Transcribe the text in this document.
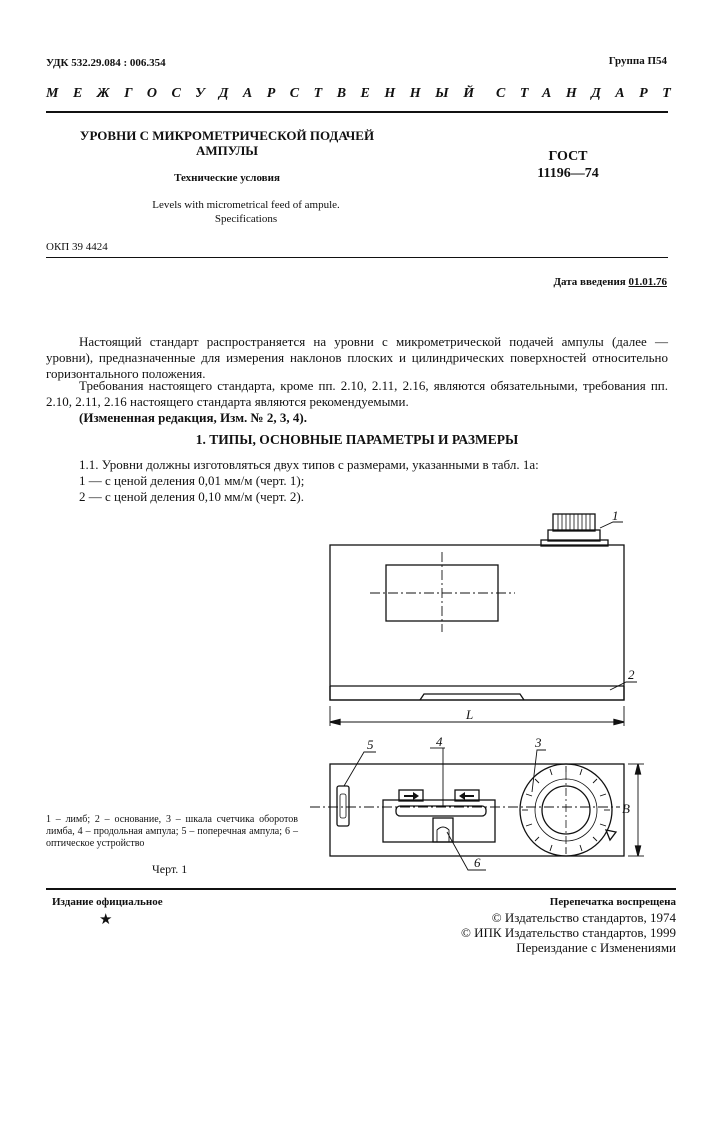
УДК 532.29.084 : 006.354	Группа П54
МЕЖГОСУДАРСТВЕННЫЙ СТАНДАРТ
УРОВНИ С МИКРОМЕТРИЧЕСКОЙ ПОДАЧЕЙ
АМПУЛЫ
Технические условия
Levels with micrometrical feed of ampule.
Specifications
ГОСТ
11196—74
ОКП 39 4424
Дата введения 01.01.76
Настоящий стандарт распространяется на уровни с микрометрической подачей ампулы (далее — уровни), предназначенные для измерения наклонов плоских и цилиндрических поверхностей относительно горизонтального положения.
Требования настоящего стандарта, кроме пп. 2.10, 2.11, 2.16, являются обязательными, требования пп. 2.10, 2.11, 2.16 настоящего стандарта являются рекомендуемыми.
(Измененная редакция, Изм. № 2, 3, 4).
1. ТИПЫ, ОСНОВНЫЕ ПАРАМЕТРЫ И РАЗМЕРЫ
1.1. Уровни должны изготовляться двух типов с размерами, указанными в табл. 1а:
1 — с ценой деления 0,01 мм/м (черт. 1);
2 — с ценой деления 0,10 мм/м (черт. 2).
1
2
L
5	4	3
6
B
1 – лимб; 2 – основание, 3 – шкала счетчика оборотов лимба, 4 – продольная ампула; 5 – поперечная ампула; 6 – оптическое устройство
Черт. 1
Издание официальное
★
Перепечатка воспрещена
© Издательство стандартов, 1974
© ИПК Издательство стандартов, 1999
Переиздание с Изменениями
